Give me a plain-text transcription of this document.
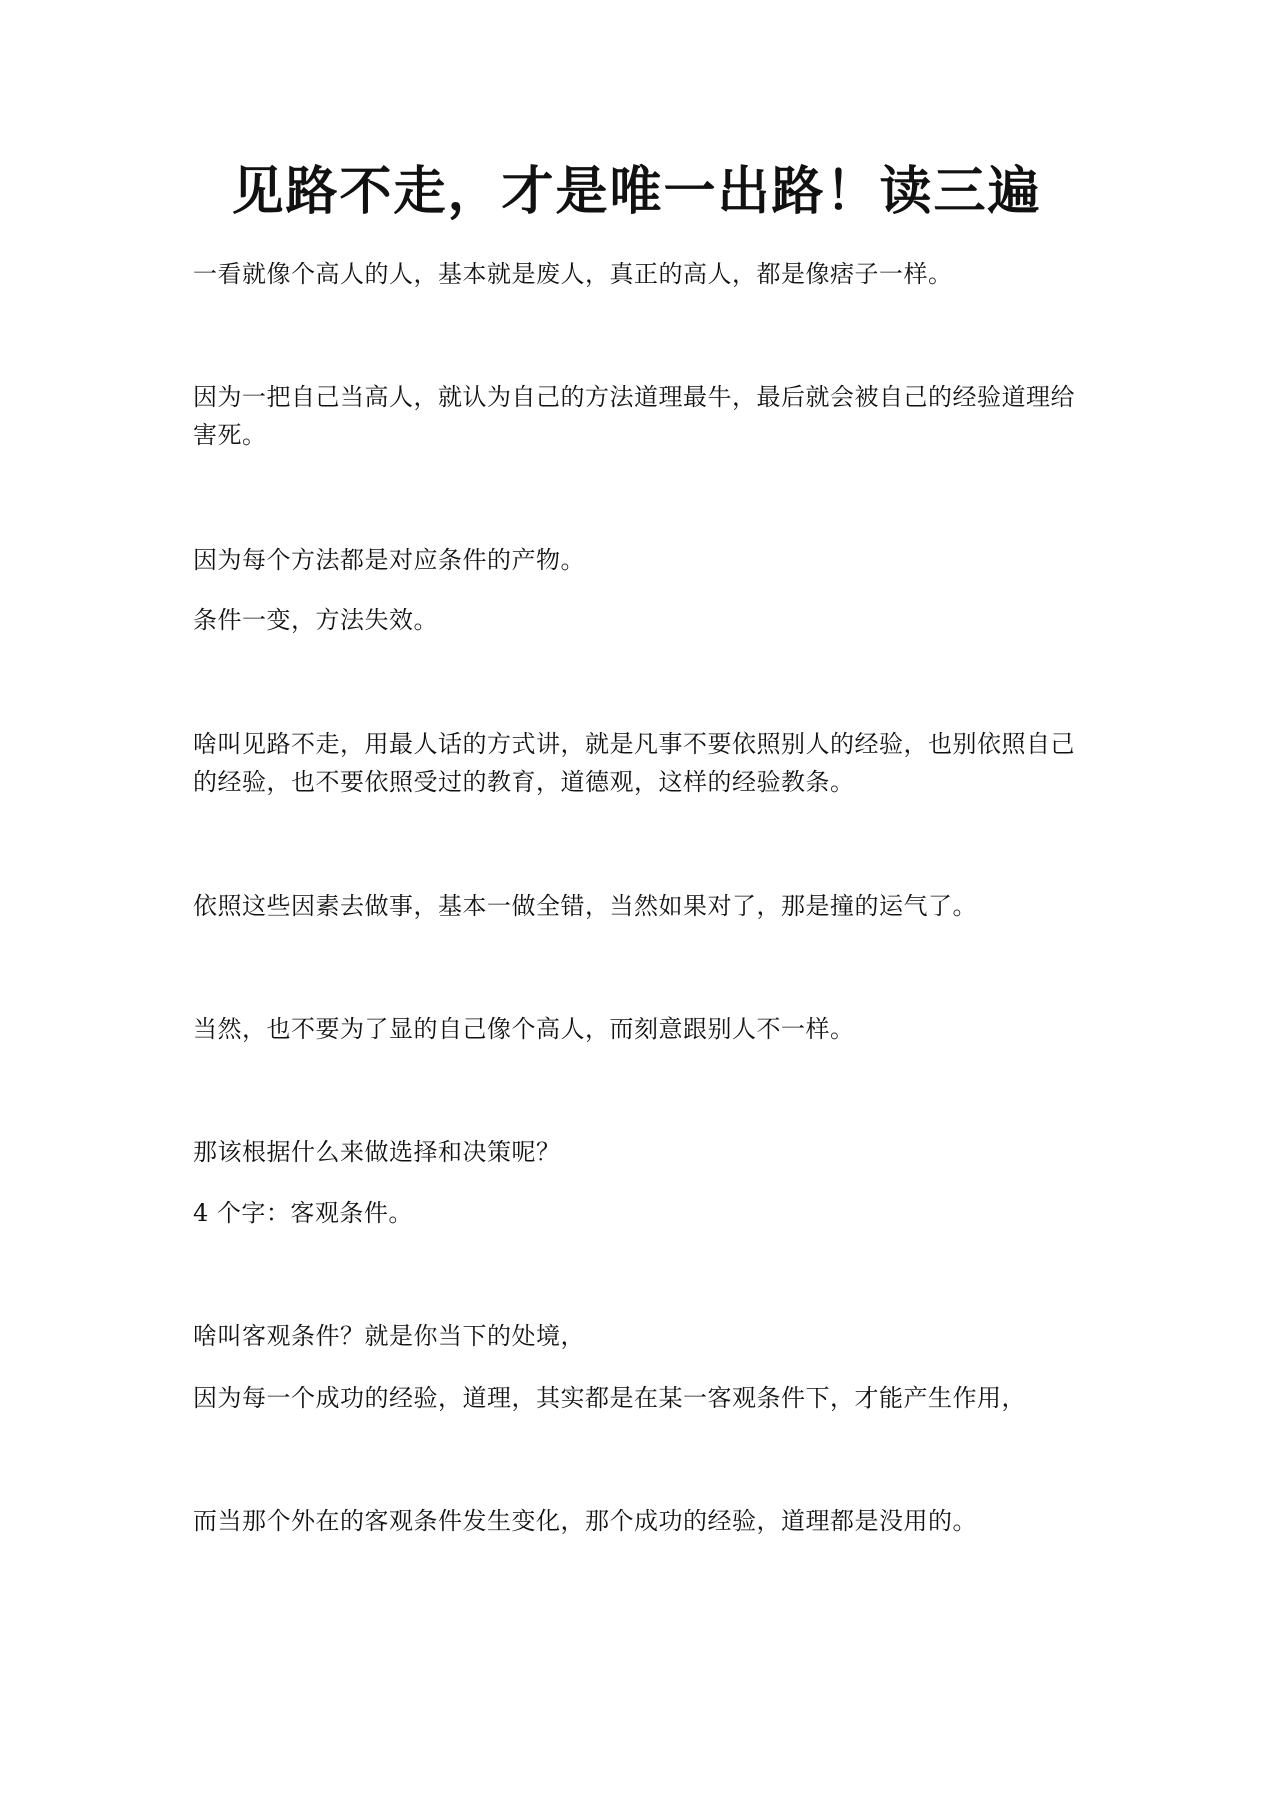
见路不走，才是唯一出路！读三遍

一看就像个高人的人，基本就是废人，真正的高人，都是像痞子一样。

因为一把自己当高人，就认为自己的方法道理最牛，最后就会被自己的经验道理给害死。

因为每个方法都是对应条件的产物。

条件一变，方法失效。

啥叫见路不走，用最人话的方式讲，就是凡事不要依照别人的经验，也别依照自己的经验，也不要依照受过的教育，道德观，这样的经验教条。

依照这些因素去做事，基本一做全错，当然如果对了，那是撞的运气了。

当然，也不要为了显的自己像个高人，而刻意跟别人不一样。

那该根据什么来做选择和决策呢？

4 个字：客观条件。

啥叫客观条件？就是你当下的处境，

因为每一个成功的经验，道理，其实都是在某一客观条件下，才能产生作用，

而当那个外在的客观条件发生变化，那个成功的经验，道理都是没用的。
